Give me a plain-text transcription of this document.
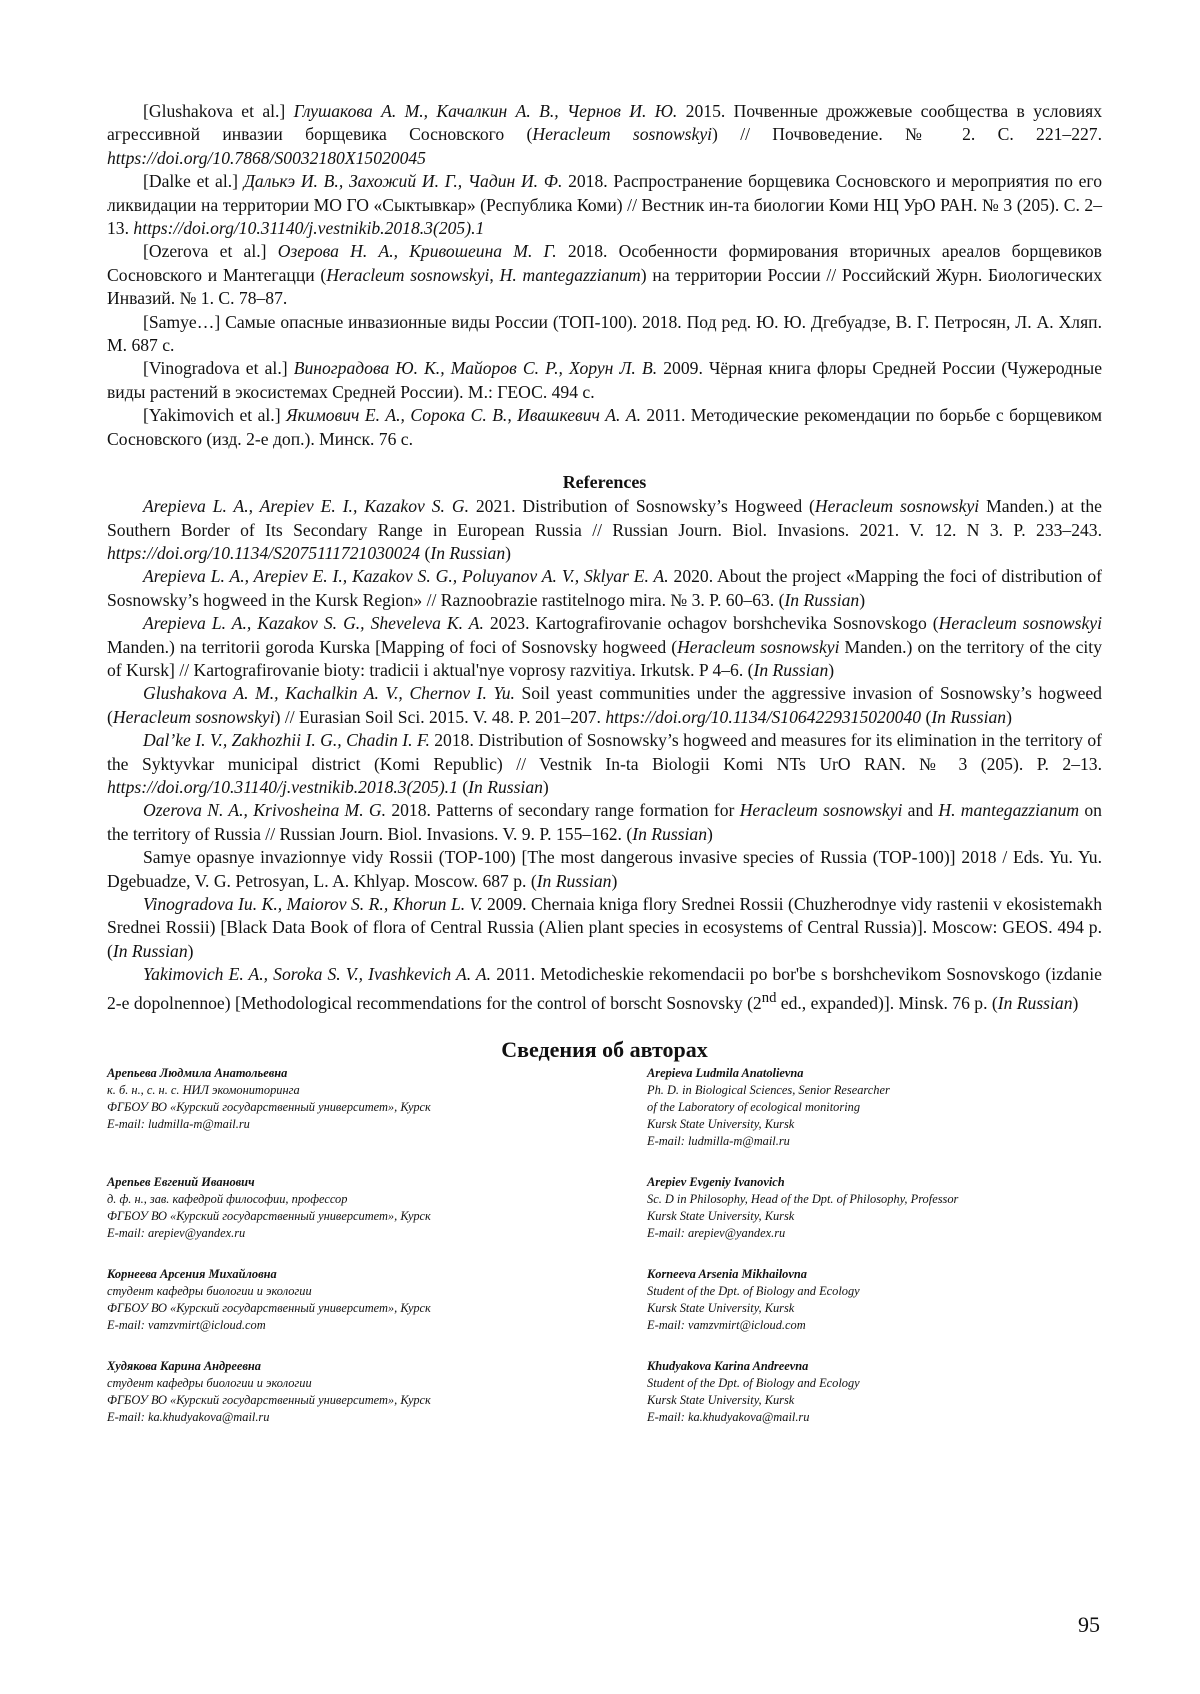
[Glushakova et al.] Глушакова А. М., Качалкин А. В., Чернов И. Ю. 2015. Почвенные дрожжевые сообщества в условиях агрессивной инвазии борщевика Сосновского (Heracleum sosnowskyi) // Почвоведение. № 2. С. 221–227. https://doi.org/10.7868/S0032180X15020045

[Dalke et al.] Далькэ И. В., Захожий И. Г., Чадин И. Ф. 2018. Распространение борщевика Сосновского и мероприятия по его ликвидации на территории МО ГО «Сыктывкар» (Республика Коми) // Вестник ин-та биологии Коми НЦ УрО РАН. № 3 (205). С. 2–13. https://doi.org/10.31140/j.vestnikib.2018.3(205).1

[Ozerova et al.] Озерова Н. А., Кривошеина М. Г. 2018. Особенности формирования вторичных ареалов борщевиков Сосновского и Мантегацци (Heracleum sosnowskyi, H. mantegazzianum) на территории России // Российский Журн. Биологических Инвазий. № 1. С. 78–87.

[Samye…] Самые опасные инвазионные виды России (ТОП-100). 2018. Под ред. Ю. Ю. Дгебуадзе, В. Г. Петросян, Л. А. Хляп. М. 687 с.

[Vinogradova et al.] Виноградова Ю. К., Майоров С. Р., Хорун Л. В. 2009. Чёрная книга флоры Средней России (Чужеродные виды растений в экосистемах Средней России). М.: ГЕОС. 494 с.

[Yakimovich et al.] Якимович Е. А., Сорока С. В., Ивашкевич А. А. 2011. Методические рекомендации по борьбе с борщевиком Сосновского (изд. 2-е доп.). Минск. 76 с.

References

Arepieva L. A., Arepiev E. I., Kazakov S. G. 2021. Distribution of Sosnowsky’s Hogweed (Heracleum sosnowskyi Manden.) at the Southern Border of Its Secondary Range in European Russia // Russian Journ. Biol. Invasions. 2021. V. 12. N 3. P. 233–243. https://doi.org/10.1134/S2075111721030024 (In Russian)

Arepieva L. A., Arepiev E. I., Kazakov S. G., Poluyanov A. V., Sklyar E. A. 2020. About the project «Mapping the foci of distribution of Sosnowsky’s hogweed in the Kursk Region» // Raznoobrazie rastitelnogo mira. № 3. P. 60–63. (In Russian)

Arepieva L. A., Kazakov S. G., Sheveleva K. A. 2023. Kartografirovanie ochagov borshchevika Sosnovskogo (Heracleum sosnowskyi Manden.) na territorii goroda Kurska [Mapping of foci of Sosnovsky hogweed (Heracleum sosnowskyi Manden.) on the territory of the city of Kursk] // Kartografirovanie bioty: tradicii i aktual'nye voprosy razvitiya. Irkutsk. P 4–6. (In Russian)

Glushakova A. M., Kachalkin A. V., Chernov I. Yu. Soil yeast communities under the aggressive invasion of Sosnowsky’s hogweed (Heracleum sosnowskyi) // Eurasian Soil Sci. 2015. V. 48. P. 201–207. https://doi.org/10.1134/S1064229315020040 (In Russian)

Dal’ke I. V., Zakhozhii I. G., Chadin I. F. 2018. Distribution of Sosnowsky’s hogweed and measures for its elimination in the territory of the Syktyvkar municipal district (Komi Republic) // Vestnik In-ta Biologii Komi NTs UrO RAN. № 3 (205). P. 2–13. https://doi.org/10.31140/j.vestnikib.2018.3(205).1 (In Russian)

Ozerova N. A., Krivosheina M. G. 2018. Patterns of secondary range formation for Heracleum sosnowskyi and H. mantegazzianum on the territory of Russia // Russian Journ. Biol. Invasions. V. 9. P. 155–162. (In Russian)

Samye opasnye invazionnye vidy Rossii (TOP-100) [The most dangerous invasive species of Russia (TOP-100)] 2018 / Eds. Yu. Yu. Dgebuadze, V. G. Petrosyan, L. A. Khlyap. Moscow. 687 p. (In Russian)

Vinogradova Iu. K., Maiorov S. R., Khorun L. V. 2009. Chernaia kniga flory Srednei Rossii (Chuzherodnye vidy rastenii v ekosistemakh Srednei Rossii) [Black Data Book of flora of Central Russia (Alien plant species in ecosystems of Central Russia)]. Moscow: GEOS. 494 p. (In Russian)

Yakimovich E. A., Soroka S. V., Ivashkevich A. A. 2011. Metodicheskie rekomendacii po bor'be s borshchevikom Sosnovskogo (izdanie 2-e dopolnennoe) [Methodological recommendations for the control of borscht Sosnovsky (2nd ed., expanded)]. Minsk. 76 p. (In Russian)

Сведения об авторах
Арепьева Людмила Анатольевна
к. б. н., с. н. с. НИЛ экомониторинга
ФГБОУ ВО «Курский государственный университет», Курск
E-mail: ludmilla-m@mail.ru
Arepieva Ludmila Anatolievna
Ph. D. in Biological Sciences, Senior Researcher
of the Laboratory of ecological monitoring
Kursk State University, Kursk
E-mail: ludmilla-m@mail.ru
Арепьев Евгений Иванович
д. ф. н., зав. кафедрой философии, профессор
ФГБОУ ВО «Курский государственный университет», Курск
E-mail: arepiev@yandex.ru
Arepiev Evgeniy Ivanovich
Sc. D in Philosophy, Head of the Dpt. of Philosophy, Professor
Kursk State University, Kursk
E-mail: arepiev@yandex.ru
Корнеева Арсения Михайловна
студент кафедры биологии и экологии
ФГБОУ ВО «Курский государственный университет», Курск
E-mail: vamzvmirt@icloud.com
Korneeva Arsenia Mikhailovna
Student of the Dpt. of Biology and Ecology
Kursk State University, Kursk
E-mail: vamzvmirt@icloud.com
Худякова Карина Андреевна
студент кафедры биологии и экологии
ФГБОУ ВО «Курский государственный университет», Курск
E-mail: ka.khudyakova@mail.ru
Khudyakova Karina Andreevna
Student of the Dpt. of Biology and Ecology
Kursk State University, Kursk
E-mail: ka.khudyakova@mail.ru
95
